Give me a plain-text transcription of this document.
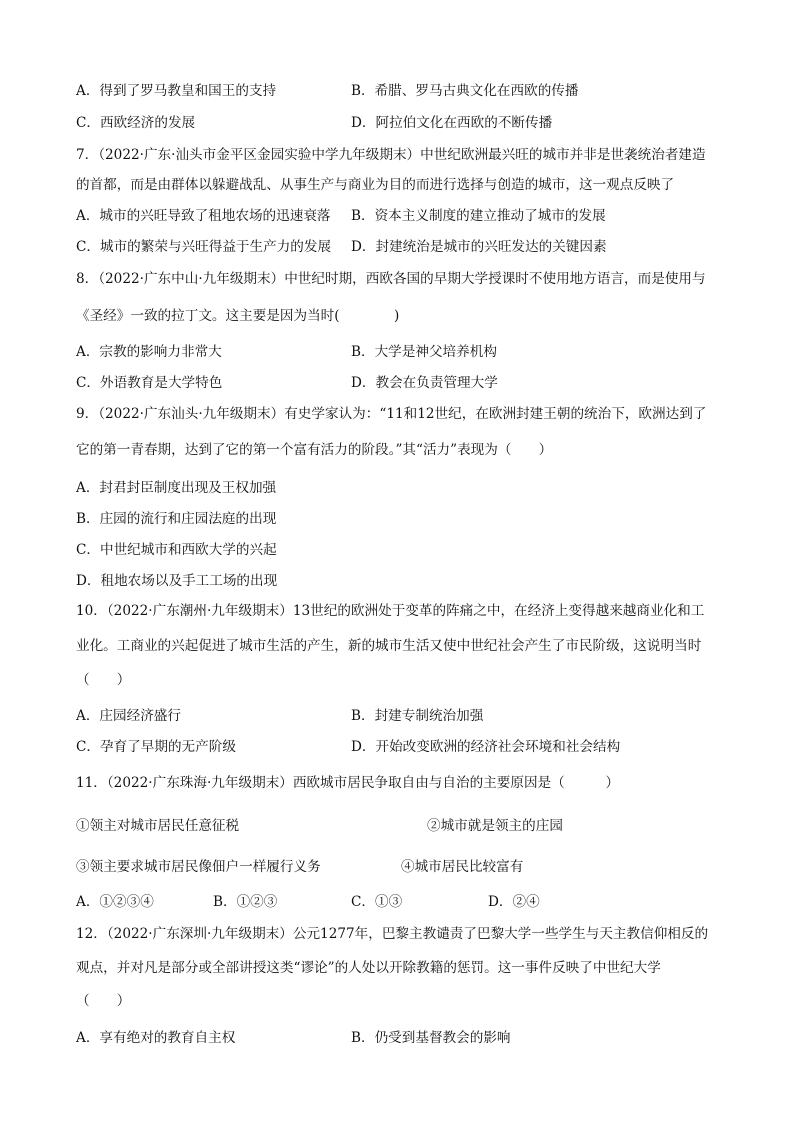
A．得到了罗马教皇和国王的支持	B．希腊、罗马古典文化在西欧的传播
C．西欧经济的发展	D．阿拉伯文化在西欧的不断传播
7．（2022·广东·汕头市金平区金园实验中学九年级期末）中世纪欧洲最兴旺的城市并非是世袭统治者建造
的首都，而是由群体以躲避战乱、从事生产与商业为目的而进行选择与创造的城市，这一观点反映了
A．城市的兴旺导致了租地农场的迅速衰落 B．资本主义制度的建立推动了城市的发展
C．城市的繁荣与兴旺得益于生产力的发展 D．封建统治是城市的兴旺发达的关键因素
8．（2022·广东中山·九年级期末）中世纪时期，西欧各国的早期大学授课时不使用地方语言，而是使用与
《圣经》一致的拉丁文。这主要是因为当时(　　　　)
A．宗教的影响力非常大	B．大学是神父培养机构
C．外语教育是大学特色	D．教会在负责管理大学
9．（2022·广东汕头·九年级期末）有史学家认为：“11和12世纪，在欧洲封建王朝的统治下，欧洲达到了
它的第一青春期，达到了它的第一个富有活力的阶段。”其“活力”表现为（　　）
A．封君封臣制度出现及王权加强
B．庄园的流行和庄园法庭的出现
C．中世纪城市和西欧大学的兴起
D．租地农场以及手工工场的出现
10．（2022·广东潮州·九年级期末）13世纪的欧洲处于变革的阵痛之中，在经济上变得越来越商业化和工
业化。工商业的兴起促进了城市生活的产生，新的城市生活又使中世纪社会产生了市民阶级，这说明当时
（　　）
A．庄园经济盛行	B．封建专制统治加强
C．孕育了早期的无产阶级	D．开始改变欧洲的经济社会环境和社会结构
11．（2022·广东珠海·九年级期末）西欧城市居民争取自由与自治的主要原因是（　　　）
①领主对城市居民任意征税	②城市就是领主的庄园
③领主要求城市居民像佃户一样履行义务	④城市居民比较富有
A．①②③④	B．①②③	C．①③	D．②④
12．（2022·广东深圳·九年级期末）公元1277年，巴黎主教谴责了巴黎大学一些学生与天主教信仰相反的
观点，并对凡是部分或全部讲授这类“谬论”的人处以开除教籍的惩罚。这一事件反映了中世纪大学
（　　）
A．享有绝对的教育自主权	B．仍受到基督教会的影响
